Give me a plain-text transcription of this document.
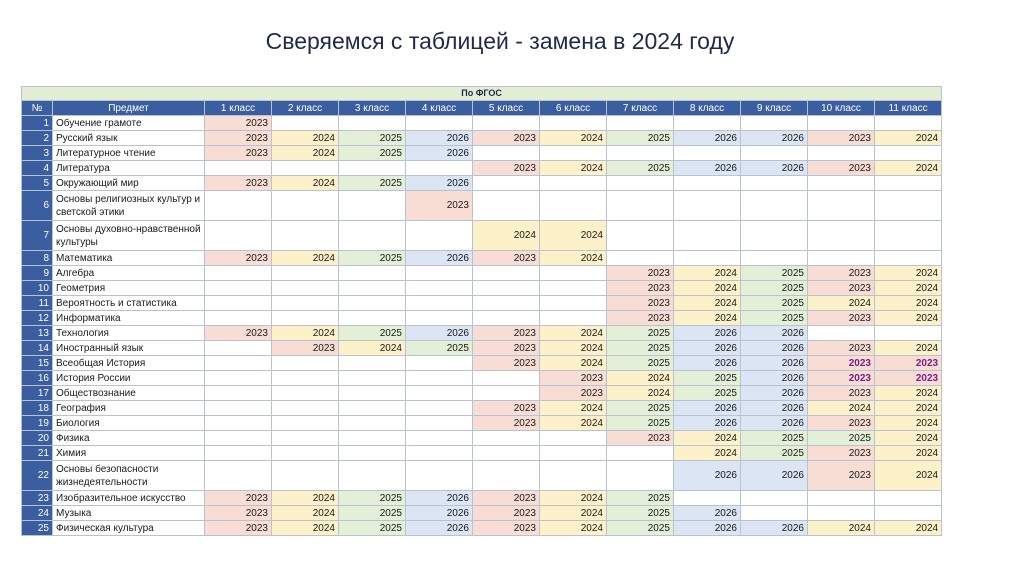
Сверяемся с таблицей - замена в 2024 году
По ФГОС												
№	Предмет	1 класс	2 класс	3 класс	4 класс	5 класс	6 класс	7 класс	8 класс	9 класс	10 класс	11 класс
1	Обучение грамоте	2023										
2	Русский язык	2023	2024	2025	2026	2023	2024	2025	2026	2026	2023	2024
3	Литературное чтение	2023	2024	2025	2026							
4	Литература					2023	2024	2025	2026	2026	2023	2024
5	Окружающий мир	2023	2024	2025	2026							
6	Основы религиозных культур и светской этики				2023							
7	Основы духовно-нравственной культуры					2024	2024					
8	Математика	2023	2024	2025	2026	2023	2024					
9	Алгебра							2023	2024	2025	2023	2024
10	Геометрия							2023	2024	2025	2023	2024
11	Вероятность и статистика							2023	2024	2025	2024	2024
12	Информатика							2023	2024	2025	2023	2024
13	Технология	2023	2024	2025	2026	2023	2024	2025	2026	2026		
14	Иностранный язык		2023	2024	2025	2023	2024	2025	2026	2026	2023	2024
15	Всеобщая История					2023	2024	2025	2026	2026	2023	2023
16	История России						2023	2024	2025	2026	2023	2023
17	Обществознание						2023	2024	2025	2026	2023	2024
18	География					2023	2024	2025	2026	2026	2024	2024
19	Биология					2023	2024	2025	2026	2026	2023	2024
20	Физика							2023	2024	2025	2025	2024
21	Химия								2024	2025	2023	2024
22	Основы безопасности жизнедеятельности								2026	2026	2023	2024
23	Изобразительное искусство	2023	2024	2025	2026	2023	2024	2025				
24	Музыка	2023	2024	2025	2026	2023	2024	2025	2026			
25	Физическая культура	2023	2024	2025	2026	2023	2024	2025	2026	2026	2024	2024
